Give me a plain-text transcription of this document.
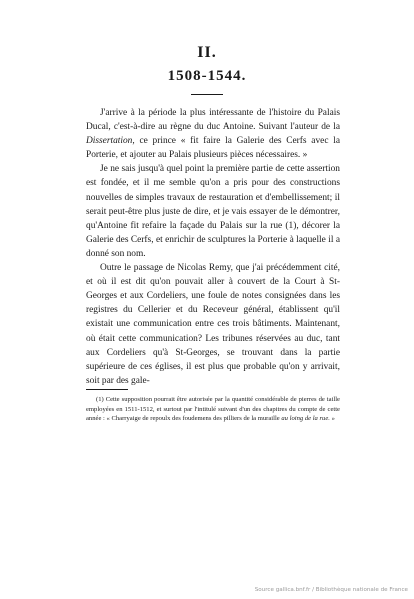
II.
1508-1544.

J'arrive à la période la plus intéressante de l'histoire du Palais Ducal, c'est-à-dire au règne du duc Antoine. Suivant l'auteur de la Dissertation, ce prince « fit faire la Galerie des Cerfs avec la Porterie, et ajouter au Palais plusieurs pièces nécessaires. »

Je ne sais jusqu'à quel point la première partie de cette assertion est fondée, et il me semble qu'on a pris pour des constructions nouvelles de simples travaux de restauration et d'embellissement; il serait peut-être plus juste de dire, et je vais essayer de le démontrer, qu'Antoine fit refaire la façade du Palais sur la rue (1), décorer la Galerie des Cerfs, et enrichir de sculptures la Porterie à laquelle il a donné son nom.

Outre le passage de Nicolas Remy, que j'ai précédemment cité, et où il est dit qu'on pouvait aller à couvert de la Court à St-Georges et aux Cordeliers, une foule de notes consignées dans les registres du Cellerier et du Receveur général, établissent qu'il existait une communication entre ces trois bâtiments. Maintenant, où était cette communication? Les tribunes réservées au duc, tant aux Cordeliers qu'à St-Georges, se trouvant dans la partie supérieure de ces églises, il est plus que probable qu'on y arrivait, soit par des gale-

(1) Cette supposition pourrait être autorisée par la quantité considérable de pierres de taille employées en 1511-1512, et surtout par l'intitulé suivant d'un des chapitres du compte de cette année : « Charryaige de repoulx des foudemens des pilliers de la muraille au loing de la rue. »

Source gallica.bnf.fr / Bibliothèque nationale de France
